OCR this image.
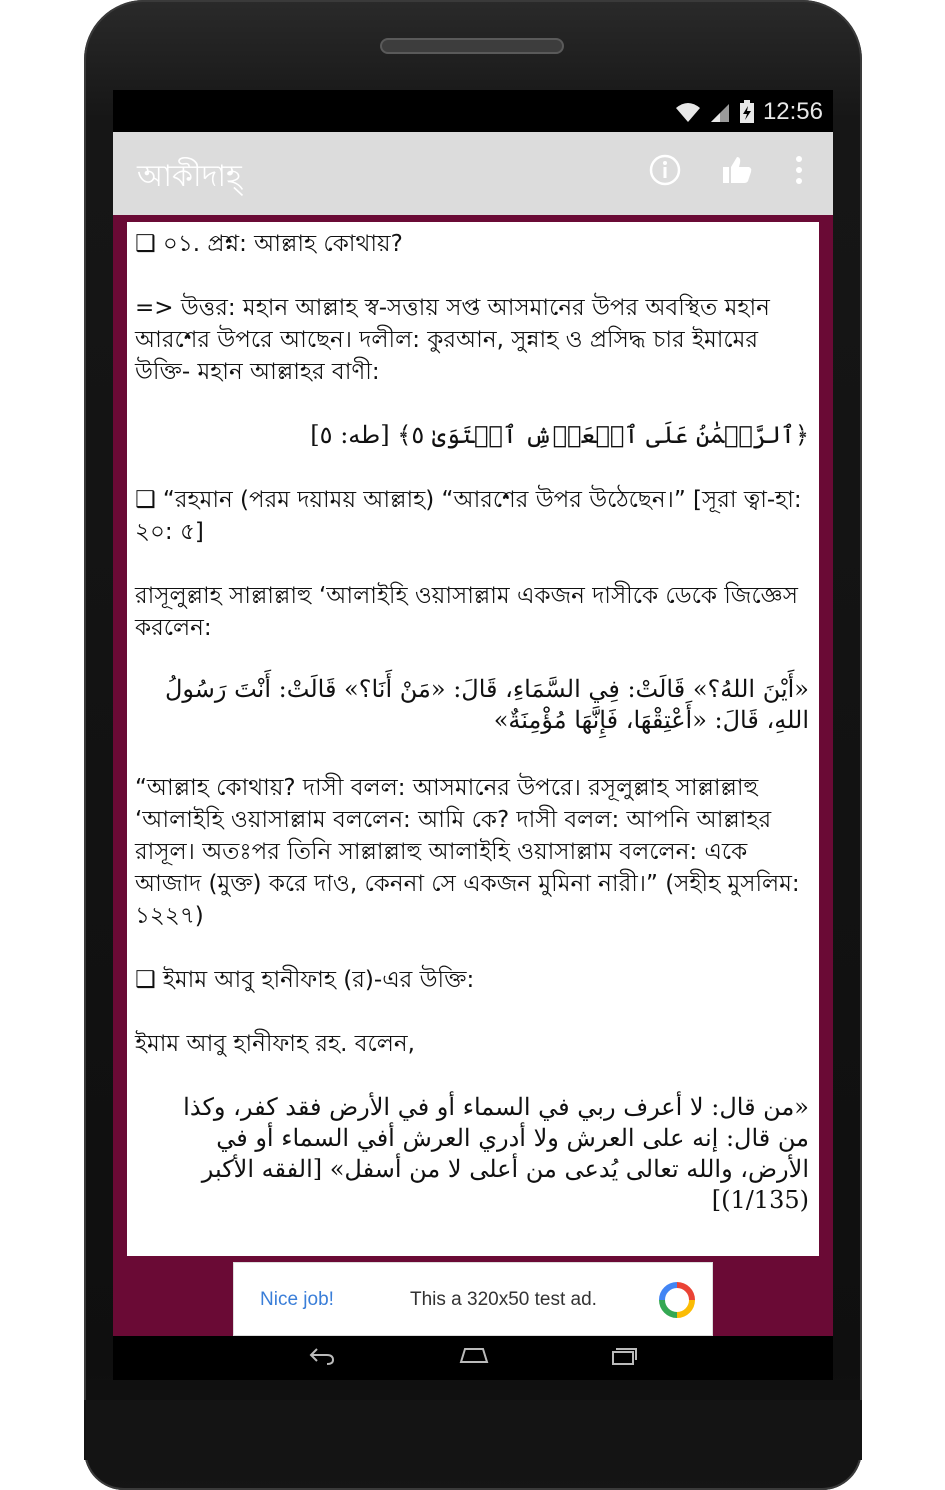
12:56
আকীদাহ্‌
❑ ০১. প্রশ্ন: আল্লাহ কোথায়?
=> উত্তর: মহান আল্লাহ স্ব-সত্তায় সপ্ত আসমানের উপর অবস্থিত মহান আরশের উপরে আছেন। দলীল: কুরআন, সুন্নাহ ও প্রসিদ্ধ চার ইমামের উক্তি- মহান আল্লাহর বাণী:
﴿ٱلرَّحۡمَٰنُ عَلَى ٱلۡعَرۡشِ ٱسۡتَوَىٰ ٥﴾ [طه: ٥]
❑ “রহমান (পরম দয়াময় আল্লাহ) “আরশের উপর উঠেছেন।” [সূরা ত্বা-হা: ২০: ৫]
রাসূলুল্লাহ সাল্লাল্লাহু ‘আলাইহি ওয়াসাল্লাম একজন দাসীকে ডেকে জিজ্ঞেস করলেন:
«أَيْنَ اللهُ؟» قَالَتْ: فِي السَّمَاءِ، قَالَ: «مَنْ أَنَا؟» قَالَتْ: أَنْتَ رَسُولُ اللهِ، قَالَ: «أَعْتِقْهَا، فَإِنَّهَا مُؤْمِنَةٌ»
“আল্লাহ কোথায়? দাসী বলল: আসমানের উপরে। রসূলুল্লাহ সাল্লাল্লাহু ‘আলাইহি ওয়াসাল্লাম বললেন: আমি কে? দাসী বলল: আপনি আল্লাহর রাসূল। অতঃপর তিনি সাল্লাল্লাহু আলাইহি ওয়াসাল্লাম বললেন: একে আজাদ (মুক্ত) করে দাও, কেননা সে একজন মুমিনা নারী।” (সহীহ মুসলিম: ১২২৭)
❑ ইমাম আবু হানীফাহ (র)-এর উক্তি:
ইমাম আবু হানীফাহ রহ. বলেন,
«من قال: لا أعرف ربي في السماء أو في الأرض فقد كفر، وكذا من قال: إنه على العرش ولا أدري العرش أفي السماء أو في الأرض، والله تعالى يُدعى من أعلى لا من أسفل» [الفقه الأكبر (1/135)]
Nice job!	This a 320x50 test ad.
